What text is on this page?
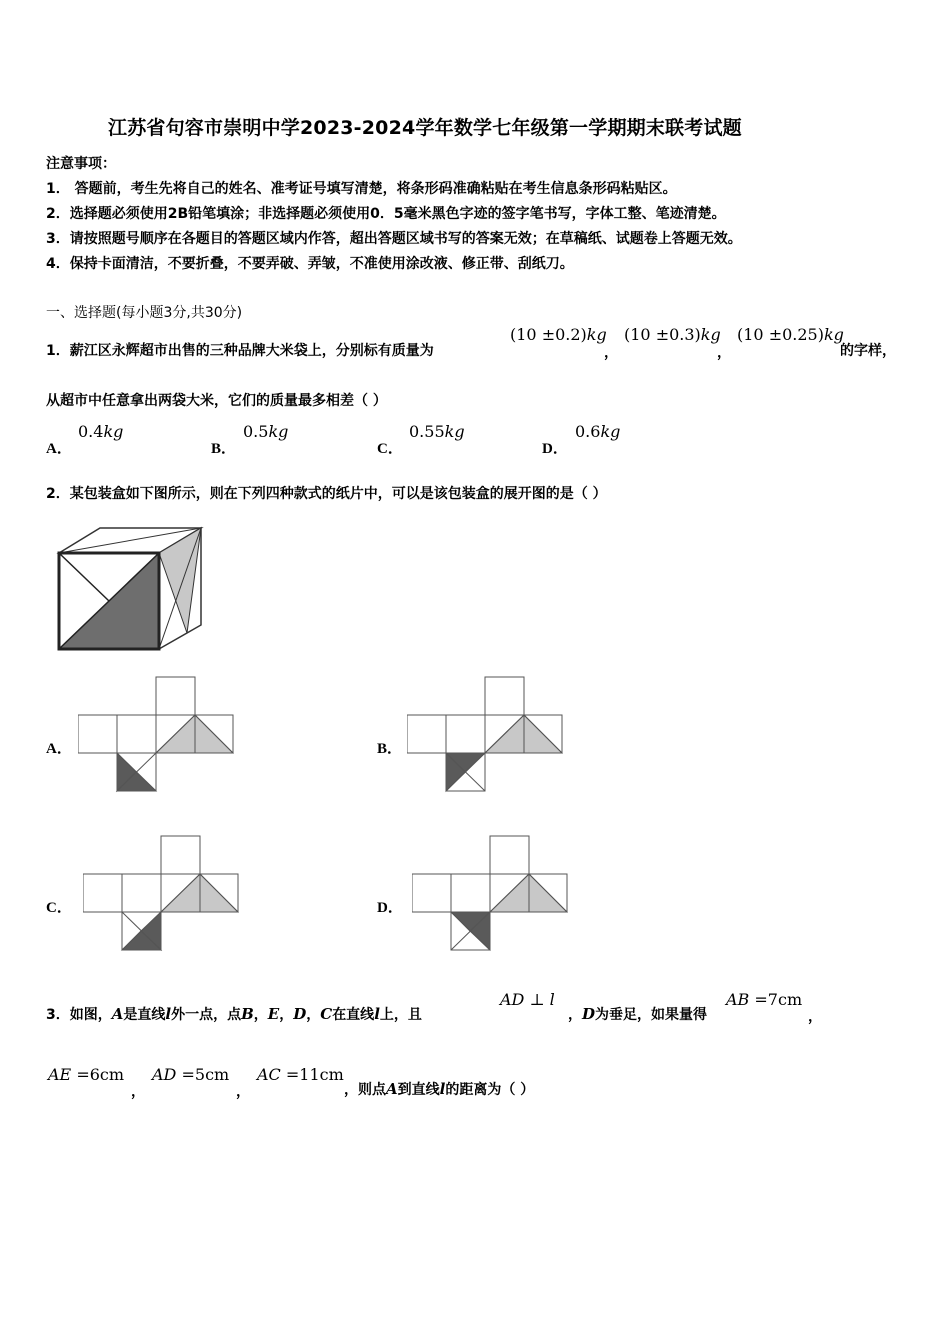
江苏省句容市崇明中学2023-2024学年数学七年级第一学期期末联考试题
注意事项：
1． 答题前，考生先将自己的姓名、准考证号填写清楚，将条形码准确粘贴在考生信息条形码粘贴区。
2．选择题必须使用2B铅笔填涂；非选择题必须使用0．5毫米黑色字迹的签字笔书写，字体工整、笔迹清楚。
3．请按照题号顺序在各题目的答题区域内作答，超出答题区域书写的答案无效；在草稿纸、试题卷上答题无效。
4．保持卡面清洁，不要折叠，不要弄破、弄皱，不准使用涂改液、修正带、刮纸刀。
一、选择题(每小题3分,共30分)
1．薪江区永辉超市出售的三种品牌大米袋上，分别标有质量为
(10 ±0.2)kg
，
(10 ±0.3)kg
，
(10 ±0.25)kg
的字样，
从超市中任意拿出两袋大米，它们的质量最多相差（ ）
A．
0.4kg
B．
0.5kg
C．
0.55kg
D．
0.6kg
2．某包装盒如下图所示，则在下列四种款式的纸片中，可以是该包装盒的展开图的是（ ）
A．	B．
C．	D．
3．如图，A是直线l外一点，点B，E，D，C在直线l上，且
AD ⊥ l
，D为垂足，如果量得
AB =7cm
，
AE =6cm
，
AD =5cm
，
AC =11cm
，则点A到直线l的距离为（ ）
